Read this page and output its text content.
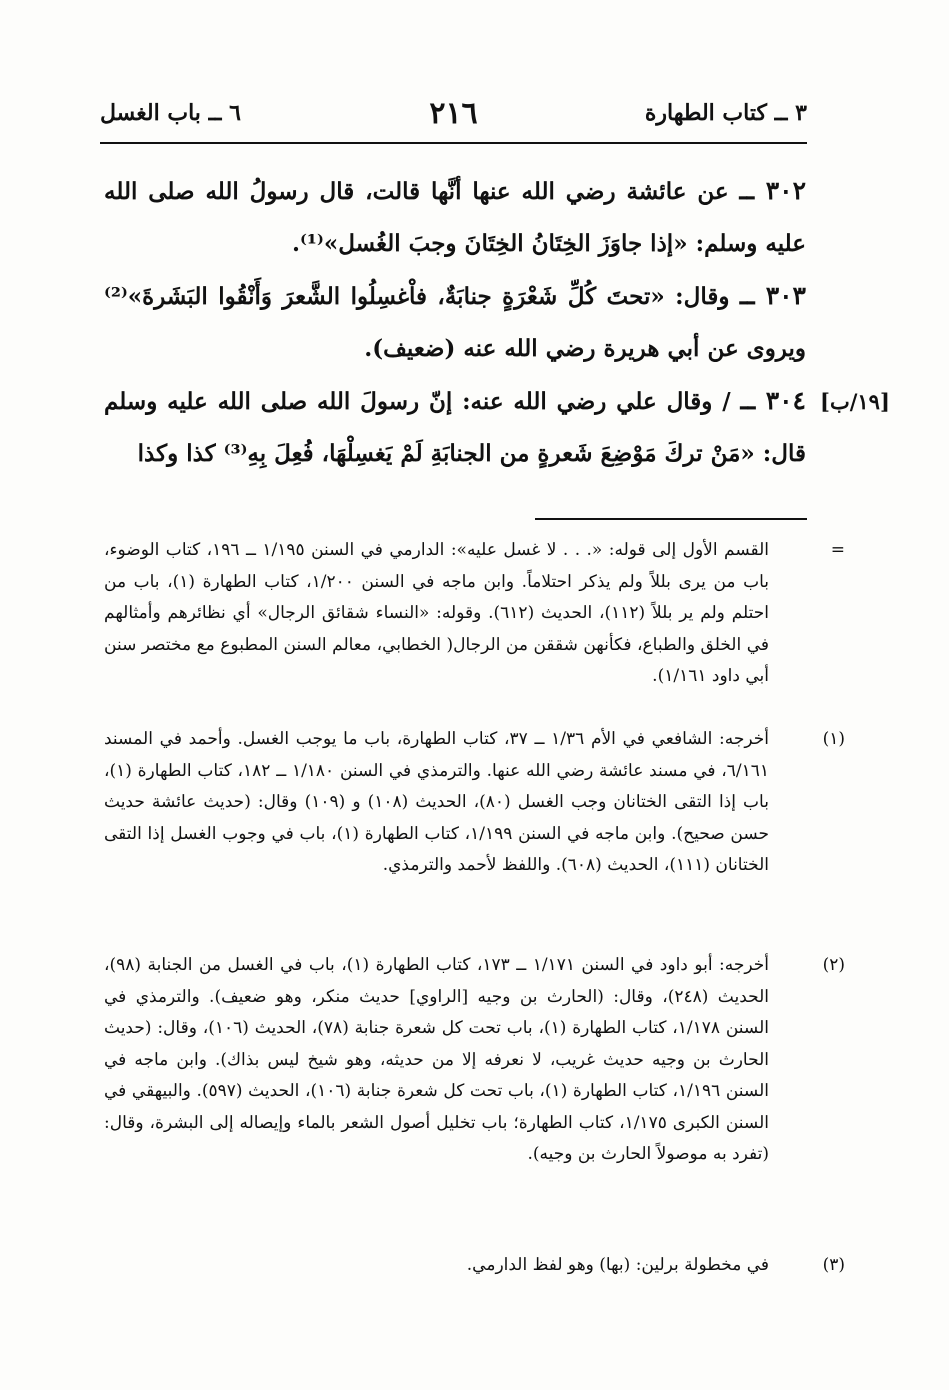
٣ ــ كتاب الطهارة
٢١٦
٦ ــ باب الغسل
٣٠٢ ــ عن عائشة رضي الله عنها أنَّها قالت، قال رسولُ الله صلى الله عليه وسلم: «إذا جاوَزَ الخِتَانُ الخِتَانَ وجبَ الغُسل»⁽¹⁾.
٣٠٣ ــ وقال: «تحتَ كُلِّ شَعْرَةٍ جنابَةٌ، فاْغسِلُوا الشَّعرَ وَأَنْقُوا البَشَرةَ»⁽²⁾ ويروى عن أبي هريرة رضي الله عنه (ضعيف).
[١٩/ب]
٣٠٤ ــ / وقال علي رضي الله عنه: إنّ رسولَ الله صلى الله عليه وسلم قال: «مَنْ تركَ مَوْضِعَ شَعرةٍ من الجنابَةِ لَمْ يَغسِلْهَا، فُعِلَ بِهِ⁽³⁾ كذا وكذا
=القسم الأول إلى قوله: «. . . لا غسل عليه»: الدارمي في السنن ١/١٩٥ ــ ١٩٦، كتاب الوضوء، باب من يرى بللاً ولم يذكر احتلاماً. وابن ماجه في السنن ١/٢٠٠، كتاب الطهارة (١)، باب من احتلم ولم ير بللاً (١١٢)، الحديث (٦١٢). وقوله: «النساء شقائق الرجال» أي نظائرهم وأمثالهم في الخلق والطباع، فكأنهن شققن من الرجال( الخطابي، معالم السنن المطبوع مع مختصر سنن أبي داود ١/١٦١).
(١)أخرجه: الشافعي في الأم ١/٣٦ ــ ٣٧، كتاب الطهارة، باب ما يوجب الغسل. وأحمد في المسند ٦/١٦١، في مسند عائشة رضي الله عنها. والترمذي في السنن ١/١٨٠ ــ ١٨٢، كتاب الطهارة (١)، باب إذا التقى الختانان وجب الغسل (٨٠)، الحديث (١٠٨) و (١٠٩) وقال: (حديث عائشة حديث حسن صحيح). وابن ماجه في السنن ١/١٩٩، كتاب الطهارة (١)، باب في وجوب الغسل إذا التقى الختانان (١١١)، الحديث (٦٠٨). واللفظ لأحمد والترمذي.
(٢)أخرجه: أبو داود في السنن ١/١٧١ ــ ١٧٣، كتاب الطهارة (١)، باب في الغسل من الجنابة (٩٨)، الحديث (٢٤٨)، وقال: (الحارث بن وجيه [الراوي] حديث منكر، وهو ضعيف). والترمذي في السنن ١/١٧٨، كتاب الطهارة (١)، باب تحت كل شعرة جنابة (٧٨)، الحديث (١٠٦)، وقال: (حديث الحارث بن وجيه حديث غريب، لا نعرفه إلا من حديثه، وهو شيخ ليس بذاك). وابن ماجه في السنن ١/١٩٦، كتاب الطهارة (١)، باب تحت كل شعرة جنابة (١٠٦)، الحديث (٥٩٧). والبيهقي في السنن الكبرى ١/١٧٥، كتاب الطهارة؛ باب تخليل أصول الشعر بالماء وإيصاله إلى البشرة، وقال: (تفرد به موصولاً الحارث بن وجيه).
(٣)في مخطولة برلين: (بها) وهو لفظ الدارمي.
